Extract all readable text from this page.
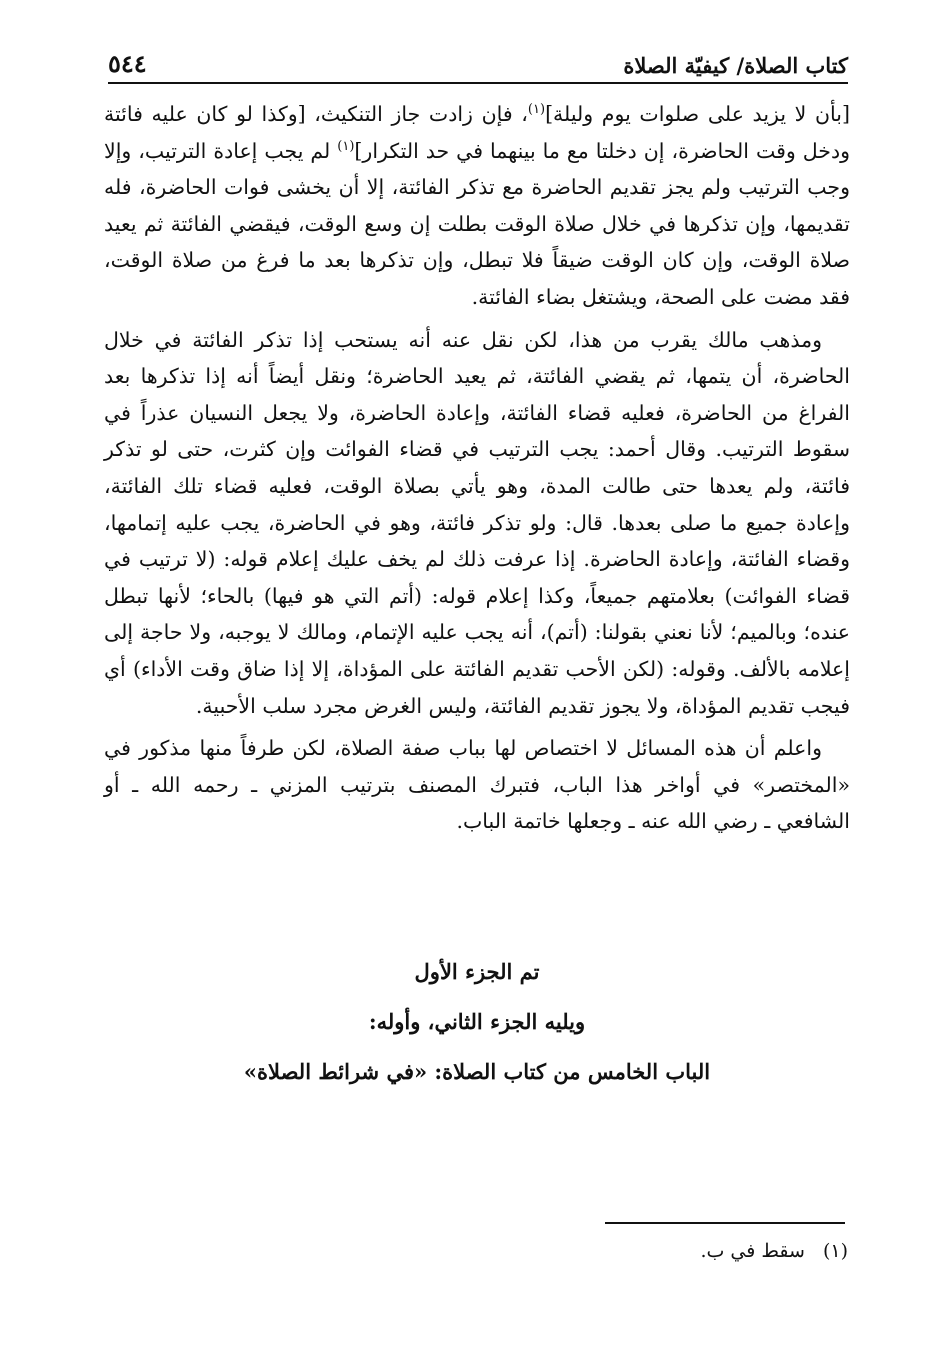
كتاب الصلاة/ كيفيّة الصلاة
٥٤٤

[بأن لا يزيد على صلوات يوم وليلة]$^{(١)}$، فإن زادت جاز التنكيث، [وكذا لو كان عليه فائتة ودخل وقت الحاضرة، إن دخلتا مع ما بينهما في حد التكرار]$^{(١)}$ لم يجب إعادة الترتيب، وإلا وجب الترتيب ولم يجز تقديم الحاضرة مع تذكر الفائتة، إلا أن يخشى فوات الحاضرة، فله تقديمها، وإن تذكرها في خلال صلاة الوقت بطلت إن وسع الوقت، فيقضي الفائتة ثم يعيد صلاة الوقت، وإن كان الوقت ضيقاً فلا تبطل، وإن تذكرها بعد ما فرغ من صلاة الوقت، فقد مضت على الصحة، ويشتغل بضاء الفائتة.

ومذهب مالك يقرب من هذا، لكن نقل عنه أنه يستحب إذا تذكر الفائتة في خلال الحاضرة، أن يتمها، ثم يقضي الفائتة، ثم يعيد الحاضرة؛ ونقل أيضاً أنه إذا تذكرها بعد الفراغ من الحاضرة، فعليه قضاء الفائتة، وإعادة الحاضرة، ولا يجعل النسيان عذراً في سقوط الترتيب. وقال أحمد: يجب الترتيب في قضاء الفوائت وإن كثرت، حتى لو تذكر فائتة، ولم يعدها حتى طالت المدة، وهو يأتي بصلاة الوقت، فعليه قضاء تلك الفائتة، وإعادة جميع ما صلى بعدها. قال: ولو تذكر فائتة، وهو في الحاضرة، يجب عليه إتمامها، وقضاء الفائتة، وإعادة الحاضرة. إذا عرفت ذلك لم يخف عليك إعلام قوله: (لا ترتيب في قضاء الفوائت) بعلامتهم جميعاً، وكذا إعلام قوله: (أتم التي هو فيها) بالحاء؛ لأنها تبطل عنده؛ وبالميم؛ لأنا نعني بقولنا: (أتم)، أنه يجب عليه الإتمام، ومالك لا يوجبه، ولا حاجة إلى إعلامه بالألف. وقوله: (لكن الأحب تقديم الفائتة على المؤداة، إلا إذا ضاق وقت الأداء) أي فيجب تقديم المؤداة، ولا يجوز تقديم الفائتة، وليس الغرض مجرد سلب الأحبية.

واعلم أن هذه المسائل لا اختصاص لها بباب صفة الصلاة، لكن طرفاً منها مذكور في «المختصر» في أواخر هذا الباب، فتبرك المصنف بترتيب المزني ـ رحمه الله ـ أو الشافعي ـ رضي الله عنه ـ وجعلها خاتمة الباب.

تم الجزء الأول
ويليه الجزء الثاني، وأوله:
الباب الخامس من كتاب الصلاة: «في شرائط الصلاة»
(١)سقط في ب.
